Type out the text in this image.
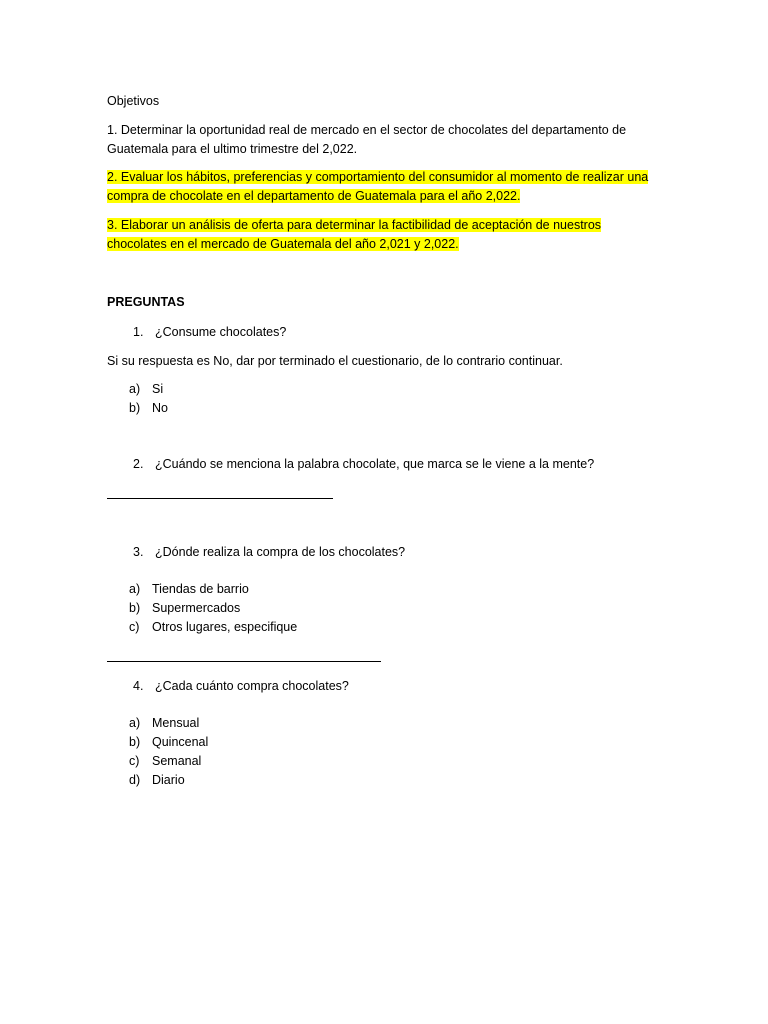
Objetivos
1. Determinar la oportunidad real de mercado en el sector de chocolates del departamento de
Guatemala para el ultimo trimestre del 2,022.
2. Evaluar los hábitos, preferencias y comportamiento del consumidor al momento de realizar una
compra de chocolate en el departamento de Guatemala para el año 2,022.
3. Elaborar un análisis de oferta para determinar la factibilidad de aceptación de nuestros
chocolates en el mercado de Guatemala del año 2,021 y 2,022.
PREGUNTAS
1. ¿Consume chocolates?
Si su respuesta es No, dar por terminado el cuestionario, de lo contrario continuar.
a) Si
b) No
2. ¿Cuándo se menciona la palabra chocolate, que marca se le viene a la mente?
3. ¿Dónde realiza la compra de los chocolates?
a) Tiendas de barrio
b) Supermercados
c) Otros lugares, especifique
4. ¿Cada cuánto compra chocolates?
a) Mensual
b) Quincenal
c) Semanal
d) Diario
